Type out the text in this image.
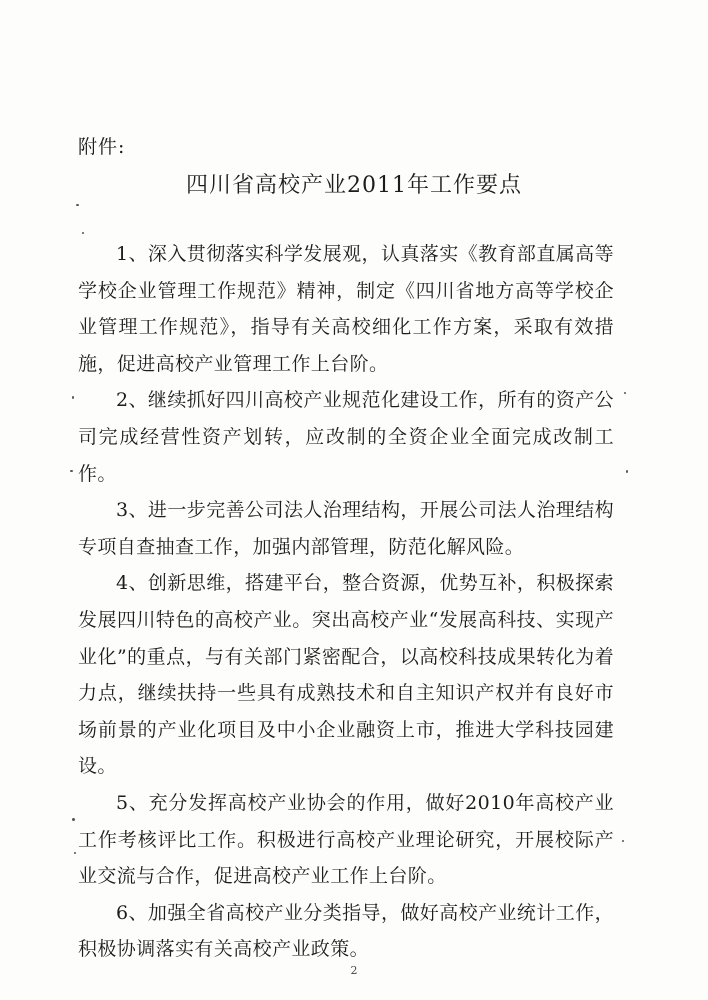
附件:
四川省高校产业2011年工作要点

1、深入贯彻落实科学发展观，认真落实《教育部直属高等学校企业管理工作规范》精神，制定《四川省地方高等学校企业管理工作规范》，指导有关高校细化工作方案，采取有效措施，促进高校产业管理工作上台阶。

2、继续抓好四川高校产业规范化建设工作，所有的资产公司完成经营性资产划转，应改制的全资企业全面完成改制工作。

3、进一步完善公司法人治理结构，开展公司法人治理结构专项自查抽查工作，加强内部管理，防范化解风险。

4、创新思维，搭建平台，整合资源，优势互补，积极探索发展四川特色的高校产业。突出高校产业“发展高科技、实现产业化”的重点，与有关部门紧密配合，以高校科技成果转化为着力点，继续扶持一些具有成熟技术和自主知识产权并有良好市场前景的产业化项目及中小企业融资上市，推进大学科技园建设。

5、充分发挥高校产业协会的作用，做好2010年高校产业工作考核评比工作。积极进行高校产业理论研究，开展校际产业交流与合作，促进高校产业工作上台阶。

6、加强全省高校产业分类指导，做好高校产业统计工作，积极协调落实有关高校产业政策。

2
